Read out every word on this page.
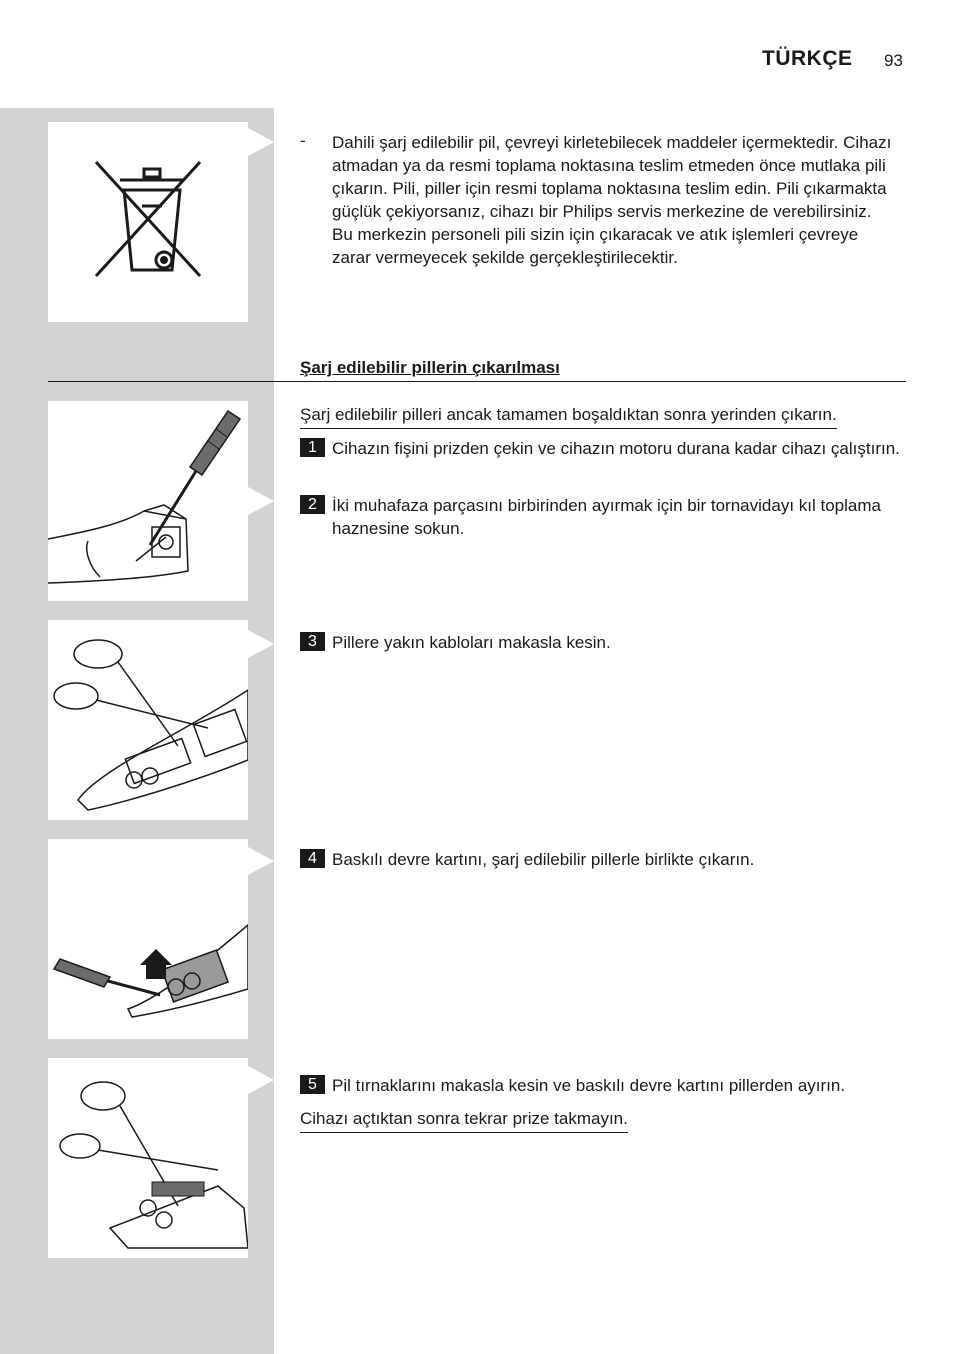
TÜRKÇE 93
- Dahili şarj edilebilir pil, çevreyi kirletebilecek maddeler içermektedir. Cihazı atmadan ya da resmi toplama noktasına teslim etmeden önce mutlaka pili çıkarın. Pili, piller için resmi toplama noktasına teslim edin. Pili çıkarmakta güçlük çekiyorsanız, cihazı bir Philips servis merkezine de verebilirsiniz. Bu merkezin personeli pili sizin için çıkaracak ve atık işlemleri çevreye zarar vermeyecek şekilde gerçekleştirilecektir.
Şarj edilebilir pillerin çıkarılması
Şarj edilebilir pilleri ancak tamamen boşaldıktan sonra yerinden çıkarın.
1 Cihazın fişini prizden çekin ve cihazın motoru durana kadar cihazı çalıştırın.
2 İki muhafaza parçasını birbirinden ayırmak için bir tornavidayı kıl toplama haznesine sokun.
3 Pillere yakın kabloları makasla kesin.
4 Baskılı devre kartını, şarj edilebilir pillerle birlikte çıkarın.
5 Pil tırnaklarını makasla kesin ve baskılı devre kartını pillerden ayırın.
Cihazı açtıktan sonra tekrar prize takmayın.
